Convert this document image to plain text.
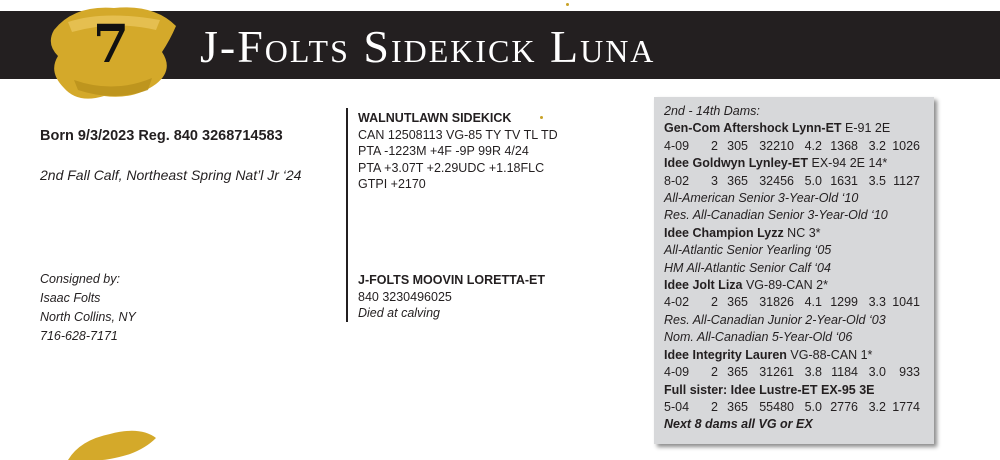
7 J-Folts Sidekick Luna
Born 9/3/2023 Reg. 840 3268714583
2nd Fall Calf, Northeast Spring Nat’l Jr ‘24
Consigned by:
Isaac Folts
North Collins, NY
716-628-7171
WALNUTLAWN SIDEKICK
CAN 12508113 VG-85 TY TV TL TD
PTA -1223M +4F -9P 99R 4/24
PTA +3.07T +2.29UDC +1.18FLC
GTPI +2170
J-FOLTS MOOVIN LORETTA-ET
840 3230496025
Died at calving
2nd - 14th Dams:
Gen-Com Aftershock Lynn-ET E-91 2E
4-09	2 305 32210 4.2 1368 3.2 1026
Idee Goldwyn Lynley-ET EX-94 2E 14*
8-02	3 365 32456 5.0 1631 3.5 1127
All-American Senior 3-Year-Old ‘10
Res. All-Canadian Senior 3-Year-Old ‘10
Idee Champion Lyzz NC 3*
All-Atlantic Senior Yearling ‘05
HM All-Atlantic Senior Calf ‘04
Idee Jolt Liza VG-89-CAN 2*
4-02	2 365 31826 4.1 1299 3.3 1041
Res. All-Canadian Junior 2-Year-Old ‘03
Nom. All-Canadian 5-Year-Old ‘06
Idee Integrity Lauren VG-88-CAN 1*
4-09	2 365 31261 3.8 1184 3.0	933
Full sister: Idee Lustre-ET EX-95 3E
5-04	2 365 55480 5.0 2776 3.2 1774
Next 8 dams all VG or EX
